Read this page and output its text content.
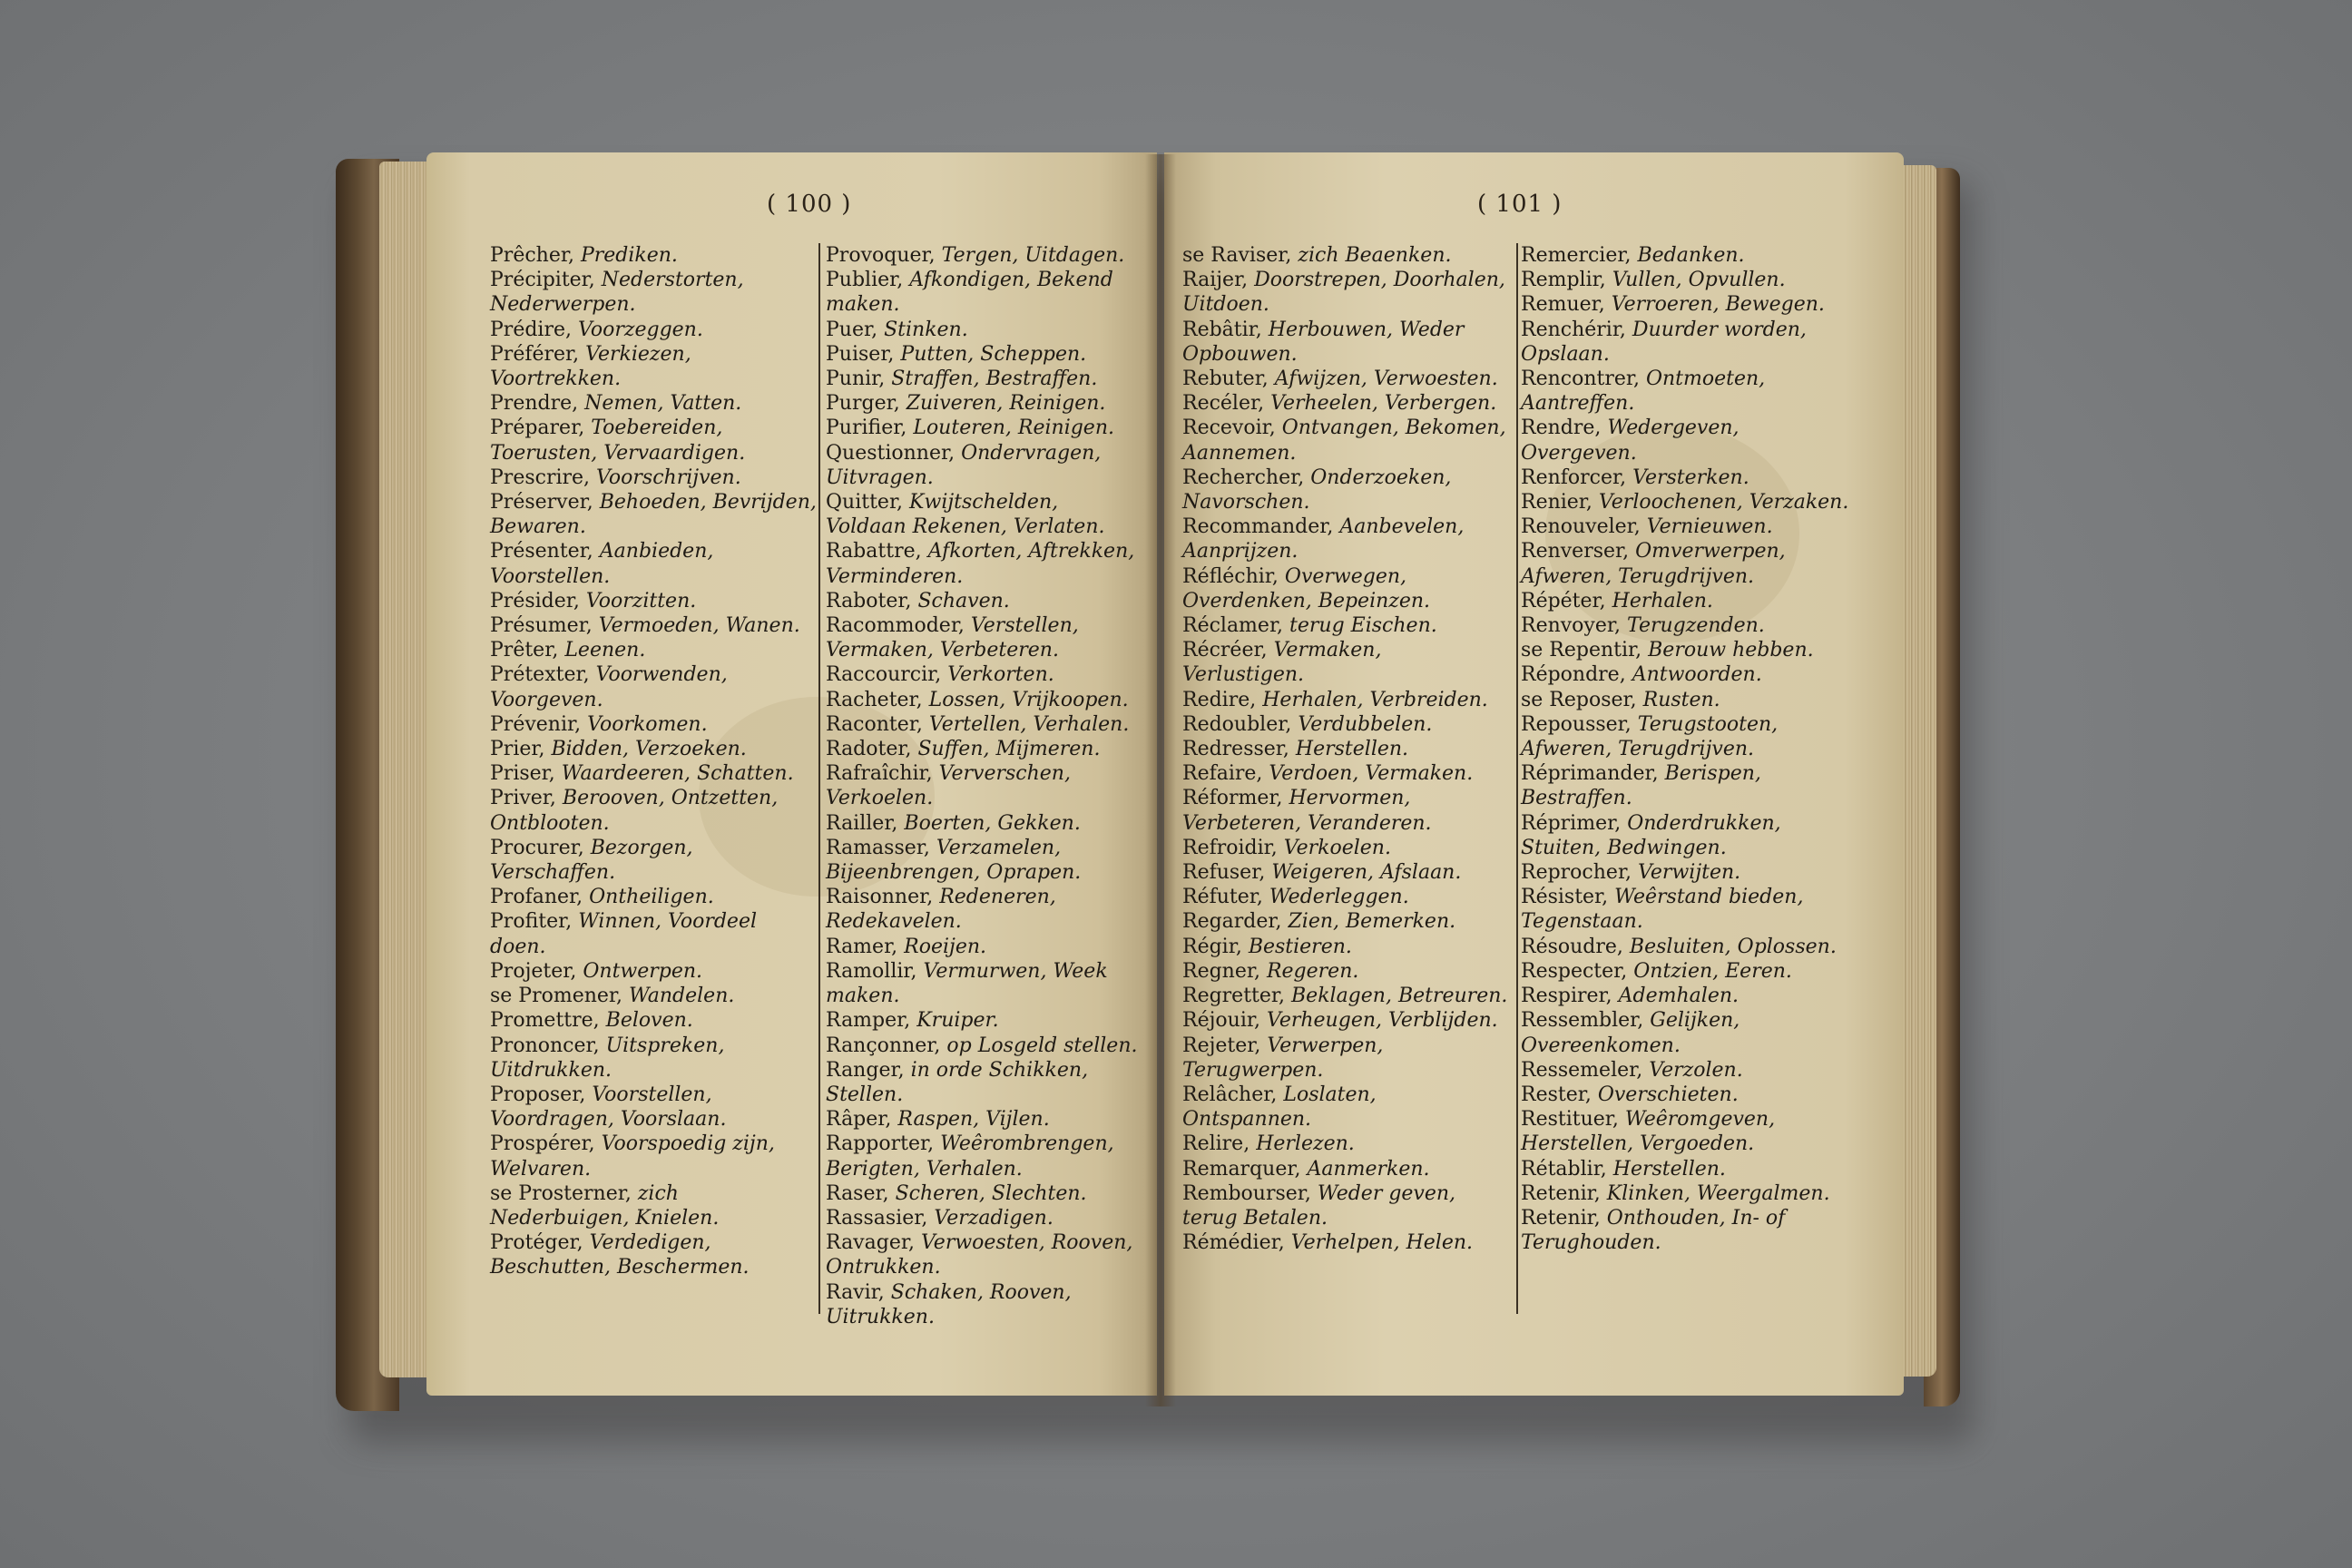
( 100 )

Prêcher, Prediken.

Précipiter, Nederstorten, Nederwerpen.

Prédire, Voorzeggen.

Préférer, Verkiezen, Voortrekken.

Prendre, Nemen, Vatten.

Préparer, Toebereiden, Toerusten, Vervaardigen.

Prescrire, Voorschrijven.

Préserver, Behoeden, Bevrijden, Bewaren.

Présenter, Aanbieden, Voorstellen.

Présider, Voorzitten.

Présumer, Vermoeden, Wanen.

Prêter, Leenen.

Prétexter, Voorwenden, Voorgeven.

Prévenir, Voorkomen.

Prier, Bidden, Verzoeken.

Priser, Waardeeren, Schatten.

Priver, Berooven, Ontzetten, Ontblooten.

Procurer, Bezorgen, Verschaffen.

Profaner, Ontheiligen.

Profiter, Winnen, Voordeel doen.

Projeter, Ontwerpen.

se Promener, Wandelen.

Promettre, Beloven.

Prononcer, Uitspreken, Uitdrukken.

Proposer, Voorstellen, Voordragen, Voorslaan.

Prospérer, Voorspoedig zijn, Welvaren.

se Prosterner, zich Nederbuigen, Knielen.

Protéger, Verdedigen, Beschutten, Beschermen.

Provoquer, Tergen, Uitdagen.

Publier, Afkondigen, Bekend maken.

Puer, Stinken.

Puiser, Putten, Scheppen.

Punir, Straffen, Bestraffen.

Purger, Zuiveren, Reinigen.

Purifier, Louteren, Reinigen.

Questionner, Ondervragen, Uitvragen.

Quitter, Kwijtschelden, Voldaan Rekenen, Verlaten.

Rabattre, Afkorten, Aftrekken, Verminderen.

Raboter, Schaven.

Racommoder, Verstellen, Vermaken, Verbeteren.

Raccourcir, Verkorten.

Racheter, Lossen, Vrijkoopen.

Raconter, Vertellen, Verhalen.

Radoter, Suffen, Mijmeren.

Rafraîchir, Ververschen, Verkoelen.

Railler, Boerten, Gekken.

Ramasser, Verzamelen, Bijeenbrengen, Oprapen.

Raisonner, Redeneren, Redekavelen.

Ramer, Roeijen.

Ramollir, Vermurwen, Week maken.

Ramper, Kruiper.

Rançonner, op Losgeld stellen.

Ranger, in orde Schikken, Stellen.

Râper, Raspen, Vijlen.

Rapporter, Weêrombrengen, Berigten, Verhalen.

Raser, Scheren, Slechten.

Rassasier, Verzadigen.

Ravager, Verwoesten, Rooven, Ontrukken.

Ravir, Schaken, Rooven, Uitrukken.

( 101 )

se Raviser, zich Beaenken.

Raijer, Doorstrepen, Doorhalen, Uitdoen.

Rebâtir, Herbouwen, Weder Opbouwen.

Rebuter, Afwijzen, Verwoesten.

Recéler, Verheelen, Verbergen.

Recevoir, Ontvangen, Bekomen, Aannemen.

Rechercher, Onderzoeken, Navorschen.

Recommander, Aanbevelen, Aanprijzen.

Réfléchir, Overwegen, Overdenken, Bepeinzen.

Réclamer, terug Eischen.

Récréer, Vermaken, Verlustigen.

Redire, Herhalen, Verbreiden.

Redoubler, Verdubbelen.

Redresser, Herstellen.

Refaire, Verdoen, Vermaken.

Réformer, Hervormen, Verbeteren, Veranderen.

Refroidir, Verkoelen.

Refuser, Weigeren, Afslaan.

Réfuter, Wederleggen.

Regarder, Zien, Bemerken.

Régir, Bestieren.

Regner, Regeren.

Regretter, Beklagen, Betreuren.

Réjouir, Verheugen, Verblijden.

Rejeter, Verwerpen, Terugwerpen.

Relâcher, Loslaten, Ontspannen.

Relire, Herlezen.

Remarquer, Aanmerken.

Rembourser, Weder geven, terug Betalen.

Rémédier, Verhelpen, Helen.

Remercier, Bedanken.

Remplir, Vullen, Opvullen.

Remuer, Verroeren, Bewegen.

Renchérir, Duurder worden, Opslaan.

Rencontrer, Ontmoeten, Aantreffen.

Rendre, Wedergeven, Overgeven.

Renforcer, Versterken.

Renier, Verloochenen, Verzaken.

Renouveler, Vernieuwen.

Renverser, Omverwerpen, Afweren, Terugdrijven.

Répéter, Herhalen.

Renvoyer, Terugzenden.

se Repentir, Berouw hebben.

Répondre, Antwoorden.

se Reposer, Rusten.

Repousser, Terugstooten, Afweren, Terugdrijven.

Réprimander, Berispen, Bestraffen.

Réprimer, Onderdrukken, Stuiten, Bedwingen.

Reprocher, Verwijten.

Résister, Weêrstand bieden, Tegenstaan.

Résoudre, Besluiten, Oplossen.

Respecter, Ontzien, Eeren.

Respirer, Ademhalen.

Ressembler, Gelijken, Overeenkomen.

Ressemeler, Verzolen.

Rester, Overschieten.

Restituer, Weêromgeven, Herstellen, Vergoeden.

Rétablir, Herstellen.

Retenir, Klinken, Weergalmen.

Retenir, Onthouden, In- of Terughouden.
